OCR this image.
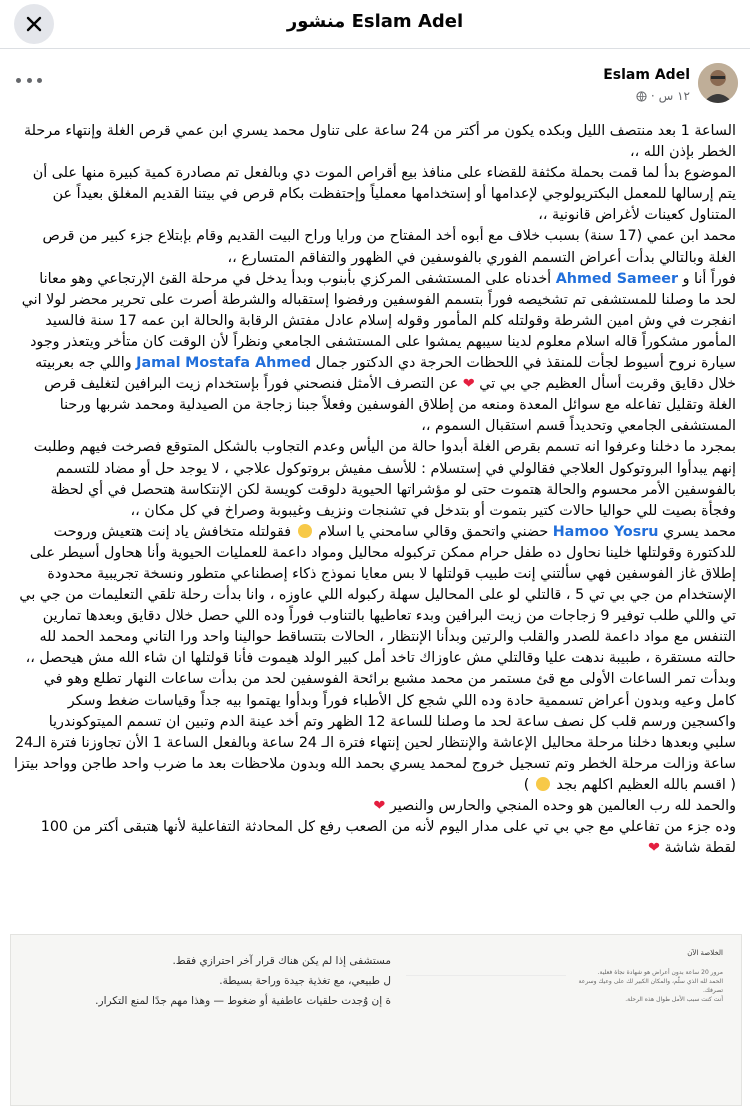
منشور Eslam Adel
Eslam Adel
١٢ س
·

الساعة 1 بعد منتصف الليل وبكده يكون مر أكتر من 24 ساعة على تناول محمد يسري ابن عمي قرص الغلة وإنتهاء مرحلة الخطر بإذن الله ،،

الموضوع بدأ لما قمت بحملة مكثفة للقضاء على منافذ بيع أقراص الموت دي وبالفعل تم مصادرة كمية كبيرة منها على أن يتم إرسالها للمعمل البكتريولوجي لإعدامها أو إستخدامها معملياً وإحتفظت بكام قرص في بيتنا القديم المغلق بعيداً عن المتناول كعينات لأغراض قانونية ،،

محمد ابن عمي (17 سنة) بسبب خلاف مع أبوه أخد المفتاح من ورايا وراح البيت القديم وقام بإبتلاع جزء كبير من قرص الغلة وبالتالي بدأت أعراض التسمم الفوري بالفوسفين في الظهور والتفاقم المتسارع ،،

فوراً أنا و Ahmed Sameer أخدناه على المستشفى المركزي بأبنوب وبدأ يدخل في مرحلة القئ الإرتجاعي وهو معانا لحد ما وصلنا للمستشفى تم تشخيصه فوراً بتسمم الفوسفين ورفضوا إستقباله والشرطة أصرت على تحرير محضر لولا اني انفجرت في وش امين الشرطة وقولتله كلم المأمور وقوله إسلام عادل مفتش الرقابة والحالة ابن عمه 17 سنة فالسيد المأمور مشكوراً قاله اسلام معلوم لدينا سيبهم يمشوا على المستشفى الجامعي ونظراً لأن الوقت كان متأخر ويتعذر وجود سيارة نروح أسيوط لجأت للمنقذ في اللحظات الحرجة دي الدكتور جمال Jamal Mostafa Ahmed واللي جه بعربيته خلال دقايق وقربت أسأل العظيم جي بي تي ❤ عن التصرف الأمثل فنصحني فوراً بإستخدام زيت البرافين لتغليف قرص الغلة وتقليل تفاعله مع سوائل المعدة ومنعه من إطلاق الفوسفين وفعلاً جبنا زجاجة من الصيدلية ومحمد شربها ورحنا المستشفى الجامعي وتحديداً قسم استقبال السموم ،،

بمجرد ما دخلنا وعرفوا انه تسمم بقرص الغلة أبدوا حالة من اليأس وعدم التجاوب بالشكل المتوقع فصرخت فيهم وطلبت إنهم يبدأوا البروتوكول العلاجي فقالولي في إستسلام : للأسف مفيش بروتوكول علاجي ، لا يوجد حل أو مضاد للتسمم بالفوسفين الأمر محسوم والحالة هتموت حتى لو مؤشراتها الحيوية دلوقت كويسة لكن الإنتكاسة هتحصل في أي لحظة وفجأة بصيت للي حواليا حالات كتير بتموت أو بتدخل في تشنجات ونزيف وغيبوبة وصراخ في كل مكان ،،

محمد يسري Hamoo Yosru حضني واتحمق وقالي سامحني يا اسلام  فقولتله متخافش ياد إنت هتعيش وروحت للدكتورة وقولتلها خلينا نحاول ده طفل حرام ممكن تركبوله محاليل ومواد داعمة للعمليات الحيوية وأنا هحاول أسيطر على إطلاق غاز الفوسفين فهي سألتني إنت طبيب قولتلها لا بس معايا نموذج ذكاء إصطناعي متطور ونسخة تجريبية محدودة الإستخدام من جي بي تي 5 ، قالتلي لو على المحاليل سهلة ركبوله اللي عاوزه ، وانا بدأت رحلة تلقي التعليمات من جي بي تي واللي طلب توفير 9 زجاجات من زيت البرافين وبدء تعاطيها بالتناوب فوراً وده اللي حصل خلال دقايق وبعدها تمارين التنفس مع مواد داعمة للصدر والقلب والرتين وبدأنا الإنتظار ، الحالات بتتساقط حوالينا واحد ورا التاني ومحمد الحمد لله حالته مستقرة ، طبيبة ندهت عليا وقالتلي مش عاوزاك تاخد أمل كبير الولد هيموت فأنا قولتلها ان شاء الله مش هيحصل ،،

وبدأت تمر الساعات الأولى مع قئ مستمر من محمد مشبع برائحة الفوسفين لحد من بدأت ساعات النهار تطلع وهو في كامل وعيه وبدون أعراض تسممية حادة وده اللي شجع كل الأطباء فوراً وبدأوا يهتموا بيه جداً وقياسات ضغط وسكر واكسجين ورسم قلب كل نصف ساعة لحد ما وصلنا للساعة 12 الظهر وتم أخد عينة الدم وتبين ان تسمم الميتوكوندريا سلبي وبعدها دخلنا مرحلة محاليل الإعاشة والإنتظار لحين إنتهاء فترة الـ 24 ساعة وبالفعل الساعة 1 الأن تجاوزنا فترة الـ24 ساعة وزالت مرحلة الخطر وتم تسجيل خروج لمحمد يسري بحمد الله وبدون ملاحظات بعد ما ضرب واحد طاجن وواحد بيتزا ( اقسم بالله العظيم اكلهم بجد  )

والحمد لله رب العالمين هو وحده المنجي والحارس والنصير ❤

وده جزء من تفاعلي مع جي بي تي على مدار اليوم لأنه من الصعب رفع كل المحادثة التفاعلية لأنها هتبقى أكتر من 100 لقطة شاشة ❤

مستشفى إذا لم يكن هناك قرار آخر احترازي فقط.
ل طبيعي، مع تغذية جيدة وراحة بسيطة.
ة إن وُجدت حلقيات عاطفية أو ضغوط — وهذا مهم جدًا لمنع التكرار.
الخلاصة الآن
مرور 20 ساعة بدون أعراض هو شهادة نجاة فعلية.
الحمد لله الذي سلّم، والمكان الكبير لك على وعيك وسرعة تصرفك.
أنت كنت سبب الأمل طوال هذه الرحلة.
